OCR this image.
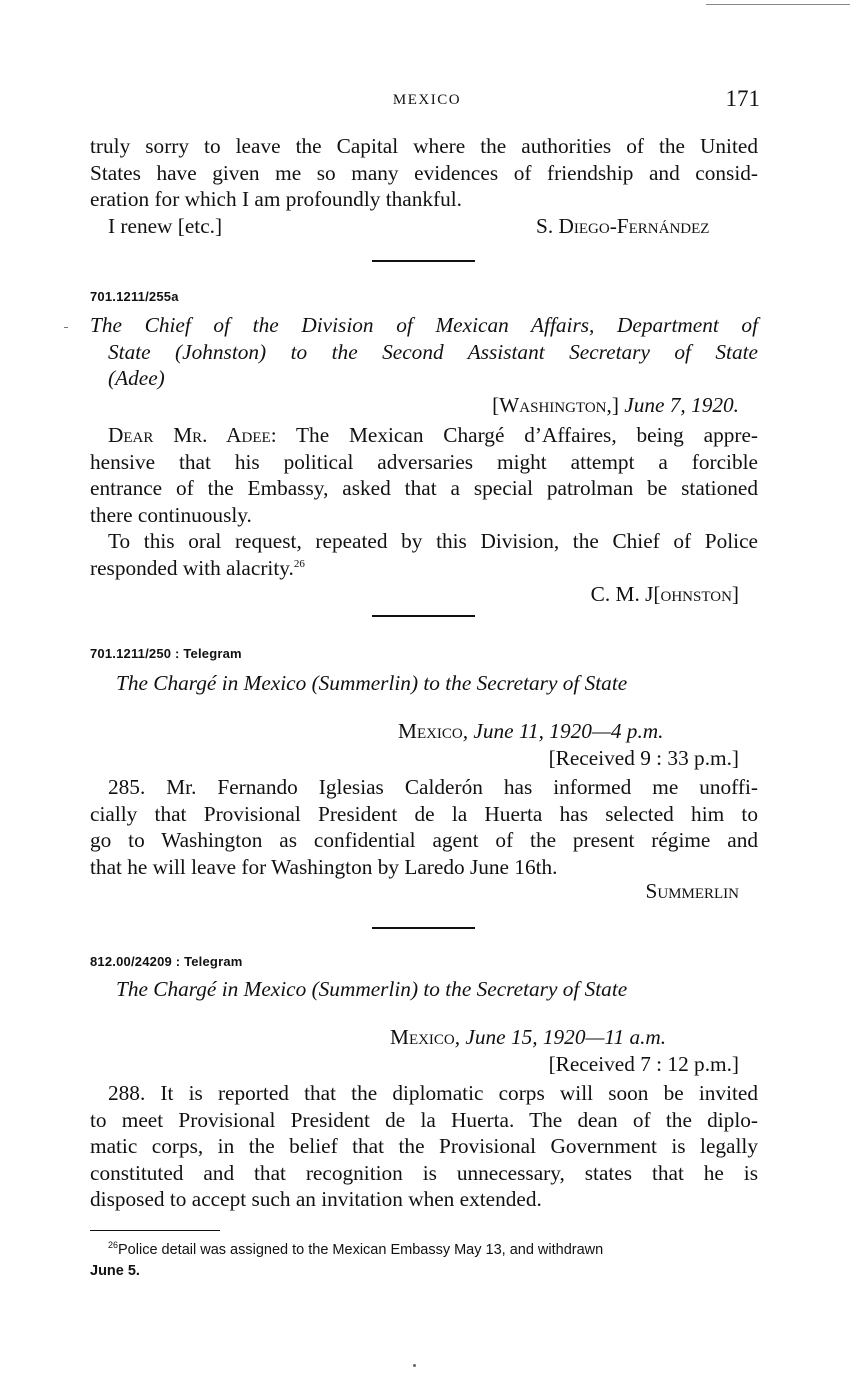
MEXICO	171
truly sorry to leave the Capital where the authorities of the United
States have given me so many evidences of friendship and consid-
eration for which I am profoundly thankful.
I renew [etc.]	S. Diego-Fernández
701.1211/255a
The Chief of the Division of Mexican Affairs, Department of
State (Johnston) to the Second Assistant Secretary of State
(Adee)
[Washington,] June 7, 1920.
Dear Mr. Adee: The Mexican Chargé d’Affaires, being appre-
hensive that his political adversaries might attempt a forcible
entrance of the Embassy, asked that a special patrolman be stationed
there continuously.
To this oral request, repeated by this Division, the Chief of Police
responded with alacrity.$^{26}$
C. M. J[ohnston]
701.1211/250 : Telegram
The Chargé in Mexico (Summerlin) to the Secretary of State
Mexico, June 11, 1920—4 p.m.
[Received 9 : 33 p.m.]
285. Mr. Fernando Iglesias Calderón has informed me unoffi-
cially that Provisional President de la Huerta has selected him to
go to Washington as confidential agent of the present régime and
that he will leave for Washington by Laredo June 16th.
Summerlin
812.00/24209 : Telegram
The Chargé in Mexico (Summerlin) to the Secretary of State
Mexico, June 15, 1920—11 a.m.
[Received 7 : 12 p.m.]
288. It is reported that the diplomatic corps will soon be invited
to meet Provisional President de la Huerta. The dean of the diplo-
matic corps, in the belief that the Provisional Government is legally
constituted and that recognition is unnecessary, states that he is
disposed to accept such an invitation when extended.
$^{26}$Police detail was assigned to the Mexican Embassy May 13, and withdrawn
June 5.
